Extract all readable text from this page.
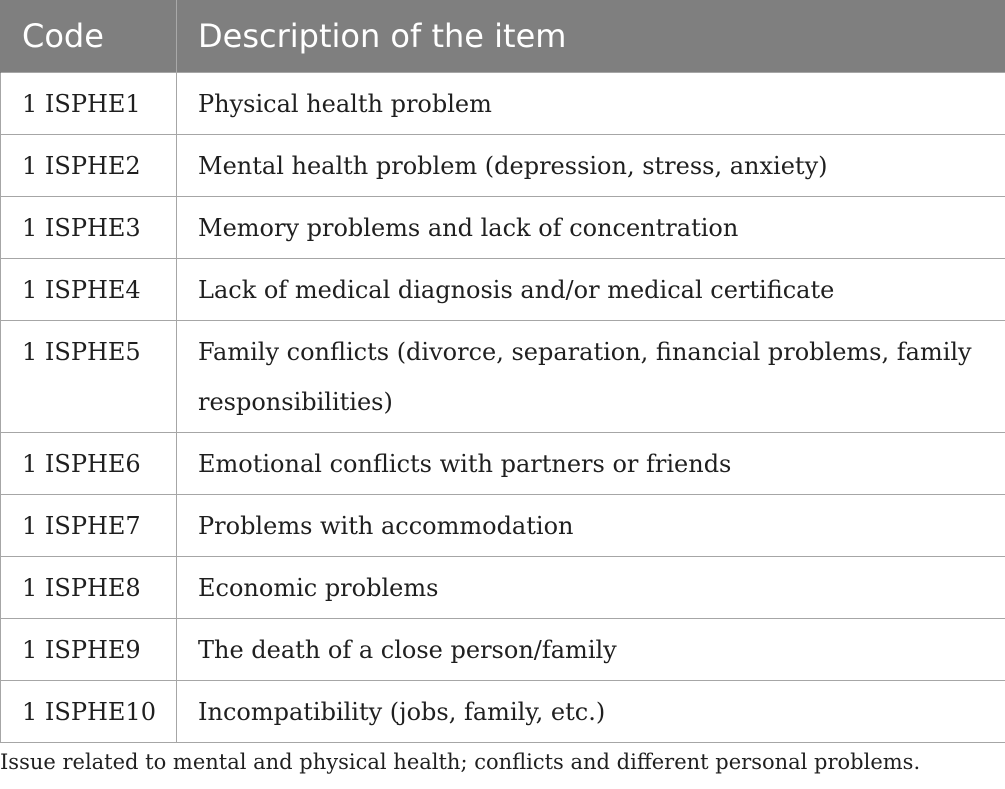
Code	Description of the item
1 ISPHE1	Physical health problem
1 ISPHE2	Mental health problem (depression, stress, anxiety)
1 ISPHE3	Memory problems and lack of concentration
1 ISPHE4	Lack of medical diagnosis and/or medical certificate
1 ISPHE5	Family conflicts (divorce, separation, financial problems, family responsibilities)
1 ISPHE6	Emotional conflicts with partners or friends
1 ISPHE7	Problems with accommodation
1 ISPHE8	Economic problems
1 ISPHE9	The death of a close person/family
1 ISPHE10	Incompatibility (jobs, family, etc.)
Issue related to mental and physical health; conflicts and different personal problems.
